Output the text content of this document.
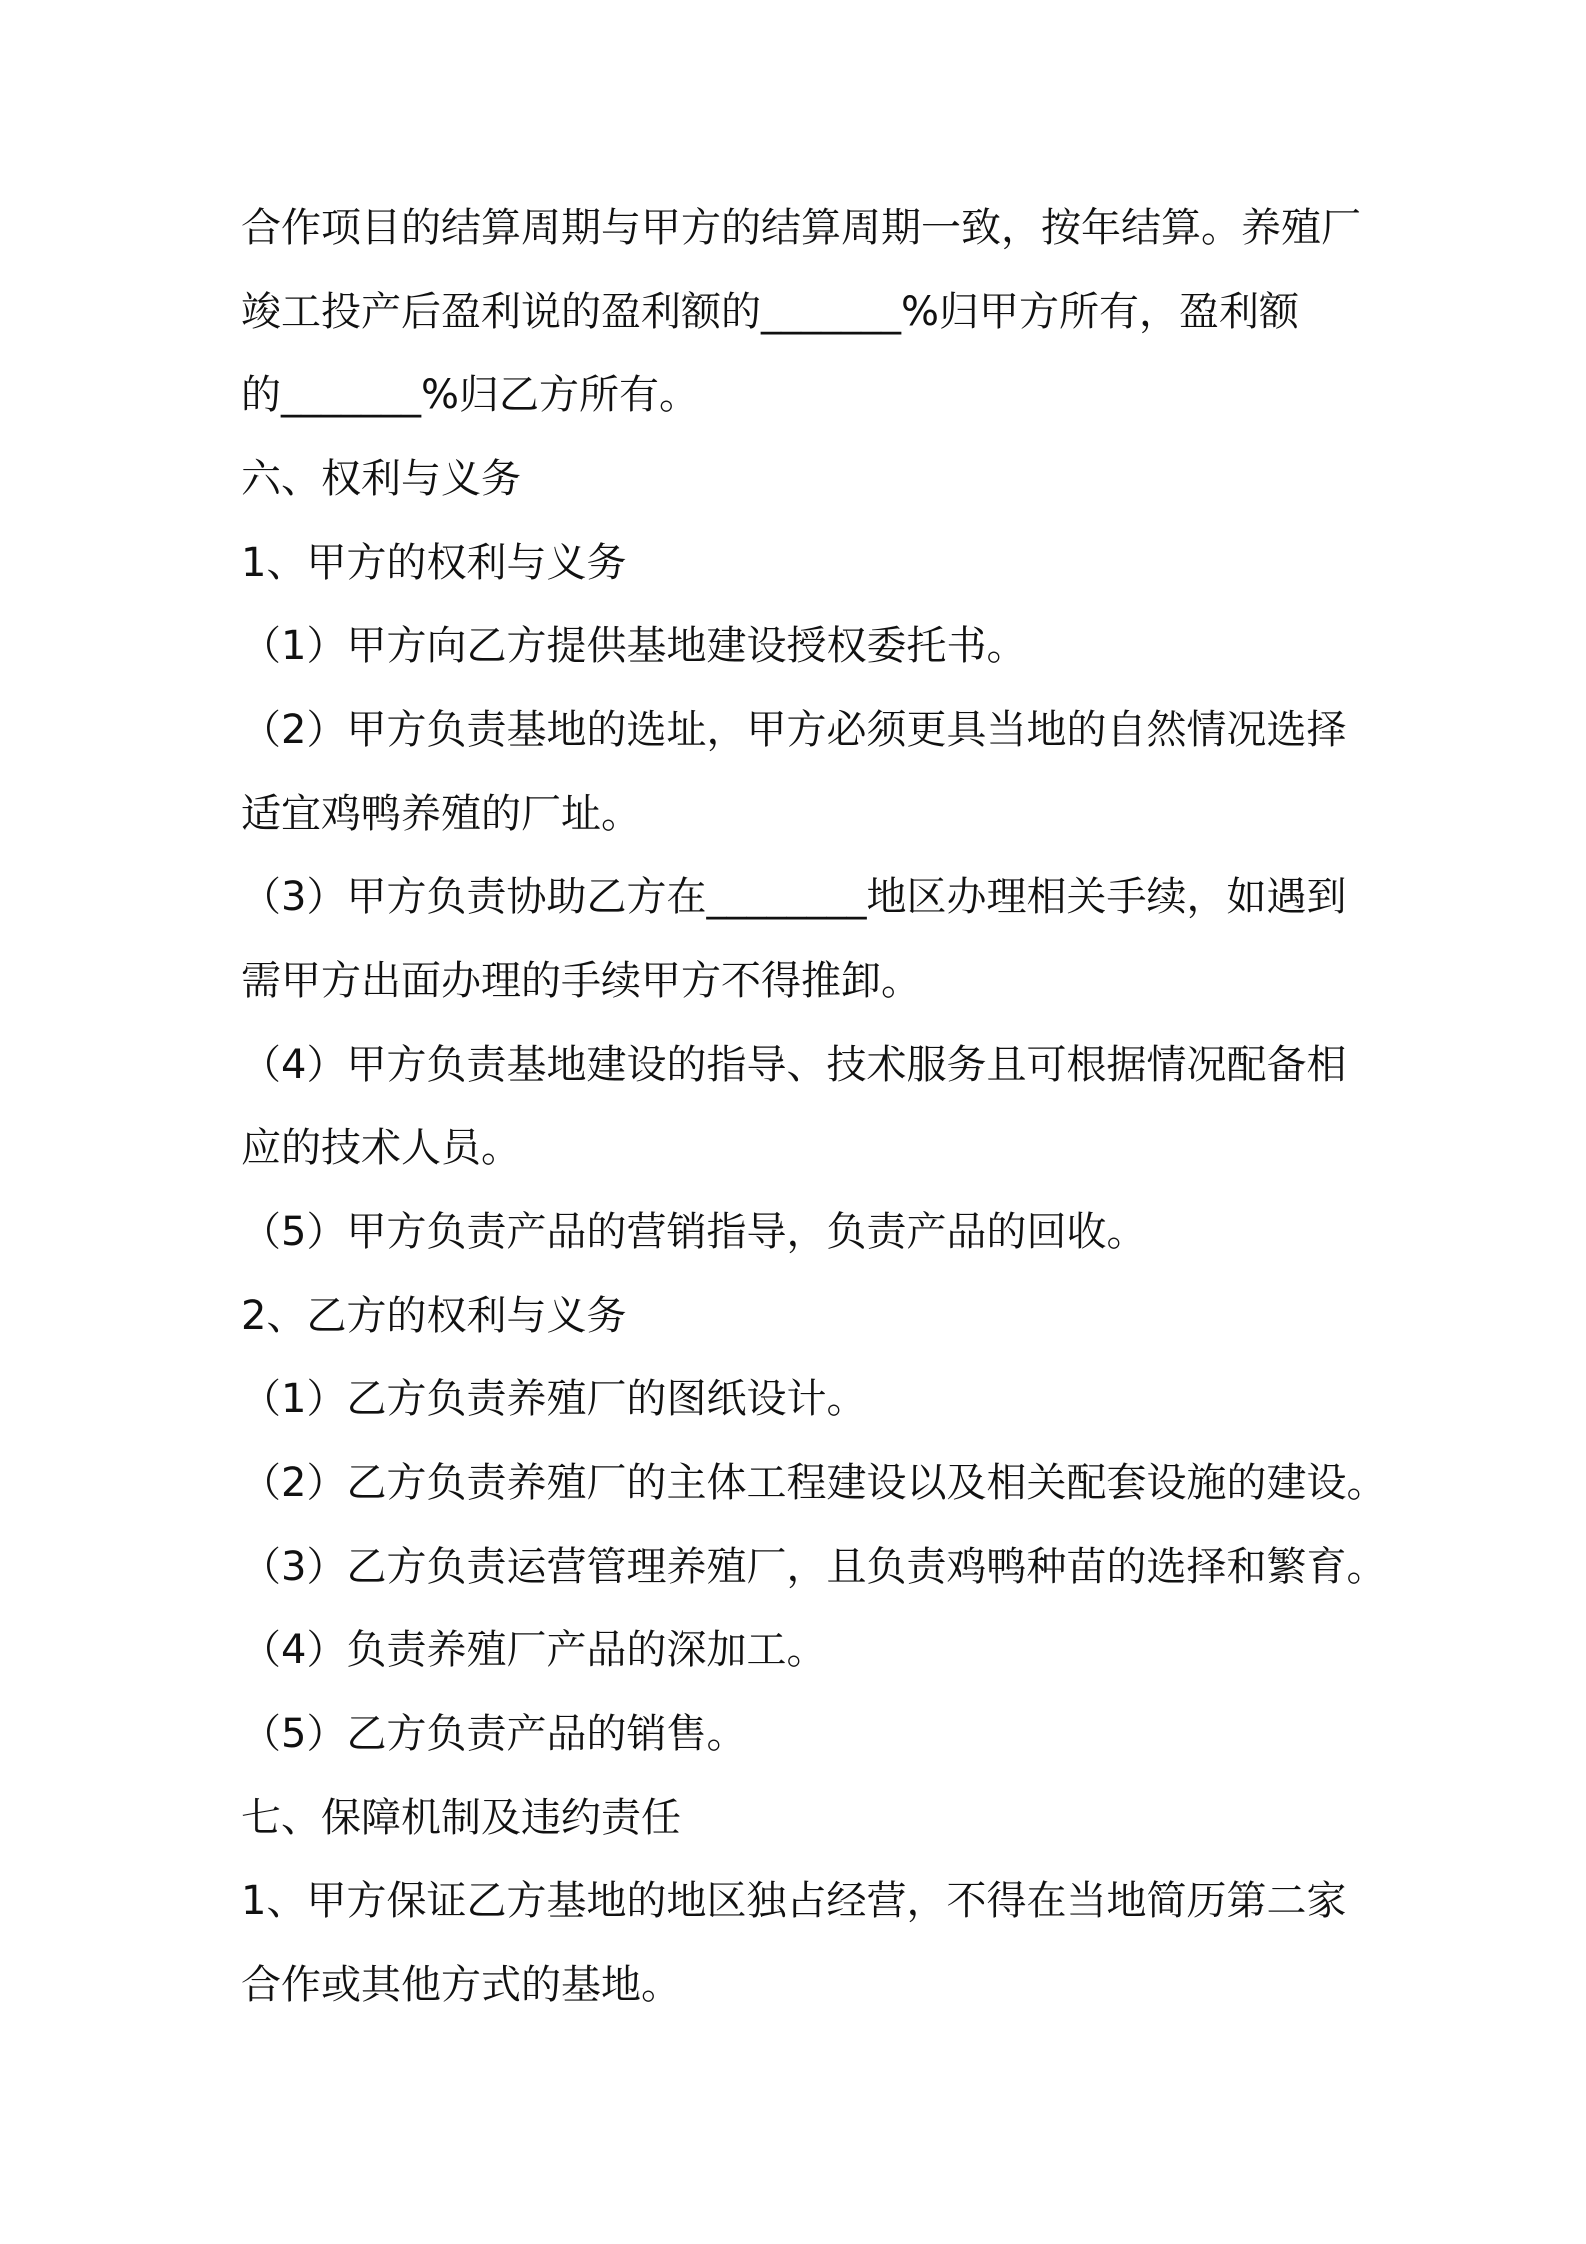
合作项目的结算周期与甲方的结算周期一致，按年结算。养殖厂
竣工投产后盈利说的盈利额的_______%归甲方所有，盈利额
的_______%归乙方所有。
六、权利与义务
1、甲方的权利与义务
（1）甲方向乙方提供基地建设授权委托书。
（2）甲方负责基地的选址，甲方必须更具当地的自然情况选择
适宜鸡鸭养殖的厂址。
（3）甲方负责协助乙方在________地区办理相关手续，如遇到
需甲方出面办理的手续甲方不得推卸。
（4）甲方负责基地建设的指导、技术服务且可根据情况配备相
应的技术人员。
（5）甲方负责产品的营销指导，负责产品的回收。
2、乙方的权利与义务
（1）乙方负责养殖厂的图纸设计。
（2）乙方负责养殖厂的主体工程建设以及相关配套设施的建设。
（3）乙方负责运营管理养殖厂，且负责鸡鸭种苗的选择和繁育。
（4）负责养殖厂产品的深加工。
（5）乙方负责产品的销售。
七、保障机制及违约责任
1、甲方保证乙方基地的地区独占经营，不得在当地简历第二家
合作或其他方式的基地。
